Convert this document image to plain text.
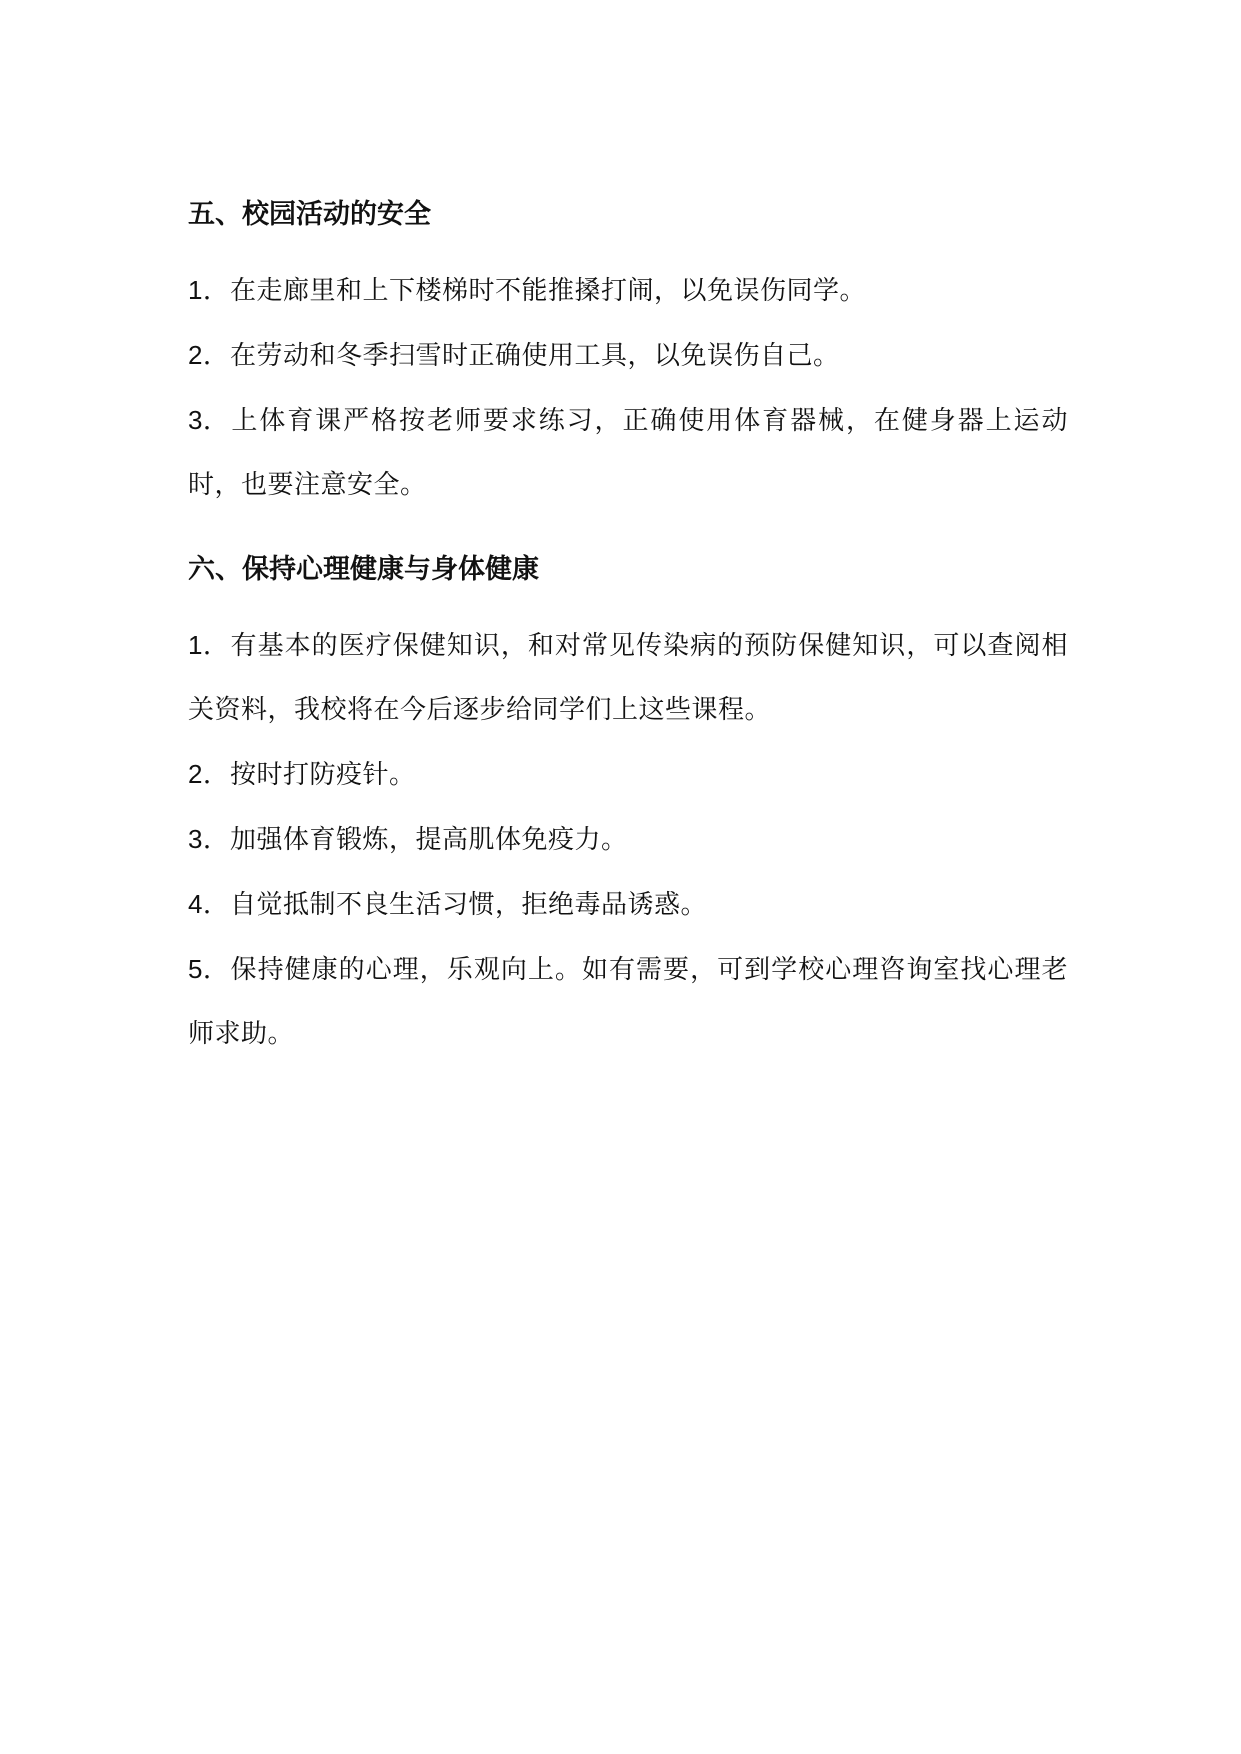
五、校园活动的安全

1．在走廊里和上下楼梯时不能推搡打闹，以免误伤同学。

2．在劳动和冬季扫雪时正确使用工具，以免误伤自己。

3．上体育课严格按老师要求练习，正确使用体育器械，在健身器上运动时，也要注意安全。

六、保持心理健康与身体健康

1．有基本的医疗保健知识，和对常见传染病的预防保健知识，可以查阅相关资料，我校将在今后逐步给同学们上这些课程。

2．按时打防疫针。

3．加强体育锻炼，提高肌体免疫力。

4．自觉抵制不良生活习惯，拒绝毒品诱惑。

5．保持健康的心理，乐观向上。如有需要，可到学校心理咨询室找心理老师求助。
